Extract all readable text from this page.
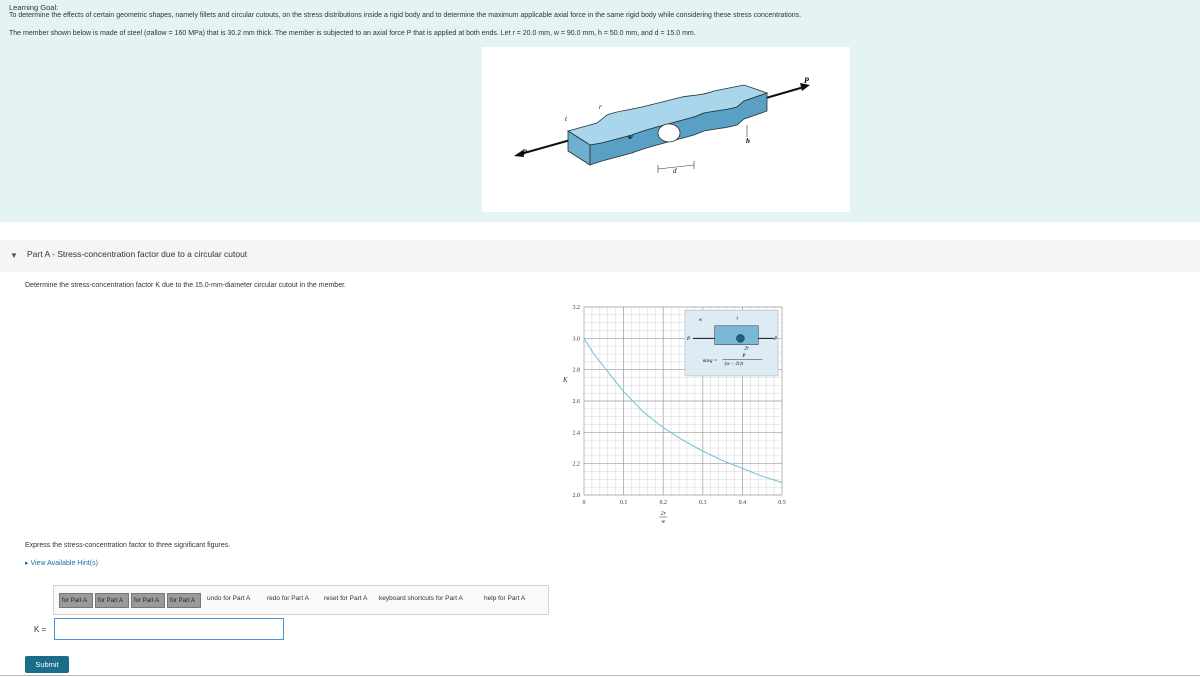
Learning Goal:
To determine the effects of certain geometric shapes, namely fillets and circular cutouts, on the stress distributions inside a rigid body and to determine the maximum applicable axial force in the same rigid body while considering these stress concentrations.
The member shown below is made of steel (σallow = 160 MPa) that is 30.2 mm thick. The member is subjected to an axial force P that is applied at both ends. Let r = 20.0 mm, w = 90.0 mm, h = 50.0 mm, and d = 15.0 mm.
P
P
t
r
w	h
d
▼ Part A - Stress-concentration factor due to a circular cutout
Determine the stress-concentration factor K due to the 15.0-mm-diameter circular cutout in the member.
w	t
2r
P	P
σavg =
P
(w − 2r)t
2.0
2.2
2.4
2.6
2.8
3.0
3.2
0	0.1	0.2	0.3	0.4	0.5
K
2r
w
Express the stress-concentration factor to three significant figures.
▸ View Available Hint(s)
for Part A	for Part A	for Part A	for Part A	undo for Part A	redo for Part A reset for Part A keyboard shortcuts for Part A	help for Part A
K =
Submit
